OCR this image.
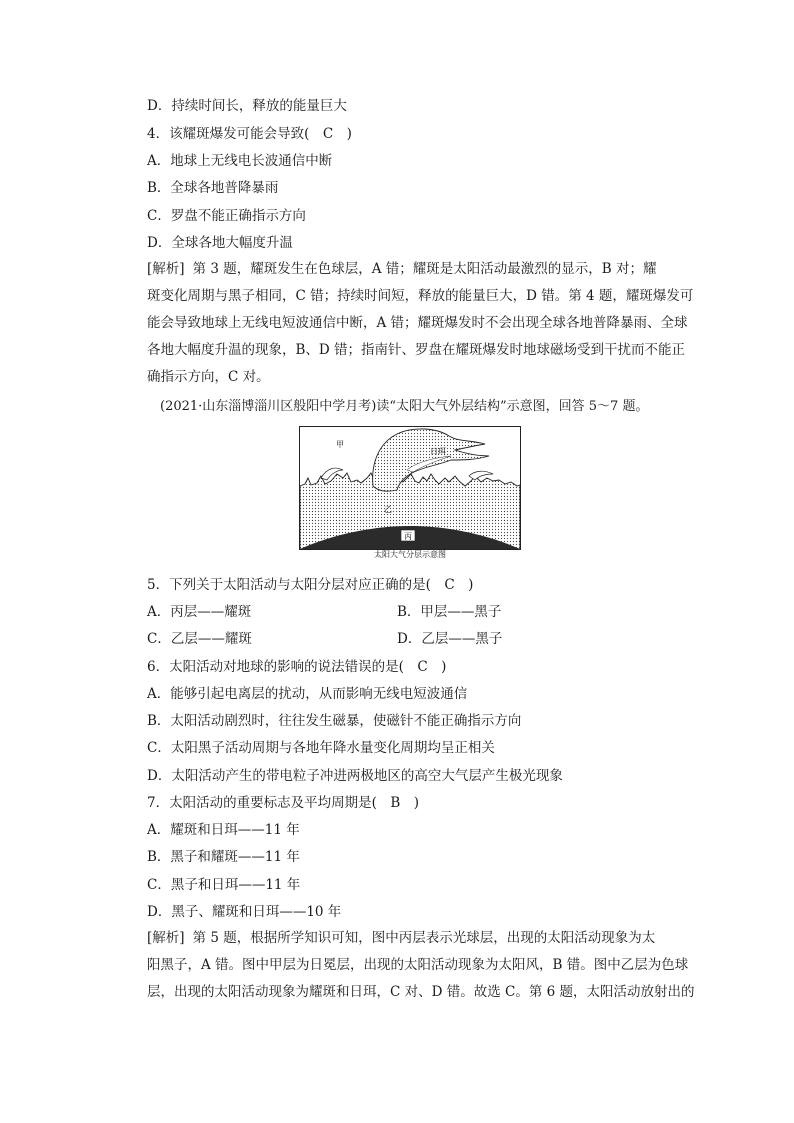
D．持续时间长，释放的能量巨大
4．该耀斑爆发可能会导致(　C　)
A．地球上无线电长波通信中断
B．全球各地普降暴雨
C．罗盘不能正确指示方向
D．全球各地大幅度升温
[解析] 第 3 题，耀斑发生在色球层，A 错；耀斑是太阳活动最激烈的显示，B 对；耀
斑变化周期与黑子相同，C 错；持续时间短，释放的能量巨大，D 错。第 4 题，耀斑爆发可
能会导致地球上无线电短波通信中断，A 错；耀斑爆发时不会出现全球各地普降暴雨、全球
各地大幅度升温的现象，B、D 错；指南针、罗盘在耀斑爆发时地球磁场受到干扰而不能正
确指示方向，C 对。
(2021·山东淄博淄川区般阳中学月考)读“太阳大气外层结构”示意图，回答 5～7 题。
丙
甲
日珥
乙
太阳大气分层示意图
5．下列关于太阳活动与太阳分层对应正确的是(　C　)
A．丙层——耀斑	B．甲层——黑子
C．乙层——耀斑	D．乙层——黑子
6．太阳活动对地球的影响的说法错误的是(　C　)
A．能够引起电离层的扰动，从而影响无线电短波通信
B．太阳活动剧烈时，往往发生磁暴，使磁针不能正确指示方向
C．太阳黑子活动周期与各地年降水量变化周期均呈正相关
D．太阳活动产生的带电粒子冲进两极地区的高空大气层产生极光现象
7．太阳活动的重要标志及平均周期是(　B　)
A．耀斑和日珥——11 年
B．黑子和耀斑——11 年
C．黑子和日珥——11 年
D．黑子、耀斑和日珥——10 年
[解析] 第 5 题，根据所学知识可知，图中丙层表示光球层，出现的太阳活动现象为太
阳黑子，A 错。图中甲层为日冕层，出现的太阳活动现象为太阳风，B 错。图中乙层为色球
层，出现的太阳活动现象为耀斑和日珥，C 对、D 错。故选 C。第 6 题，太阳活动放射出的
